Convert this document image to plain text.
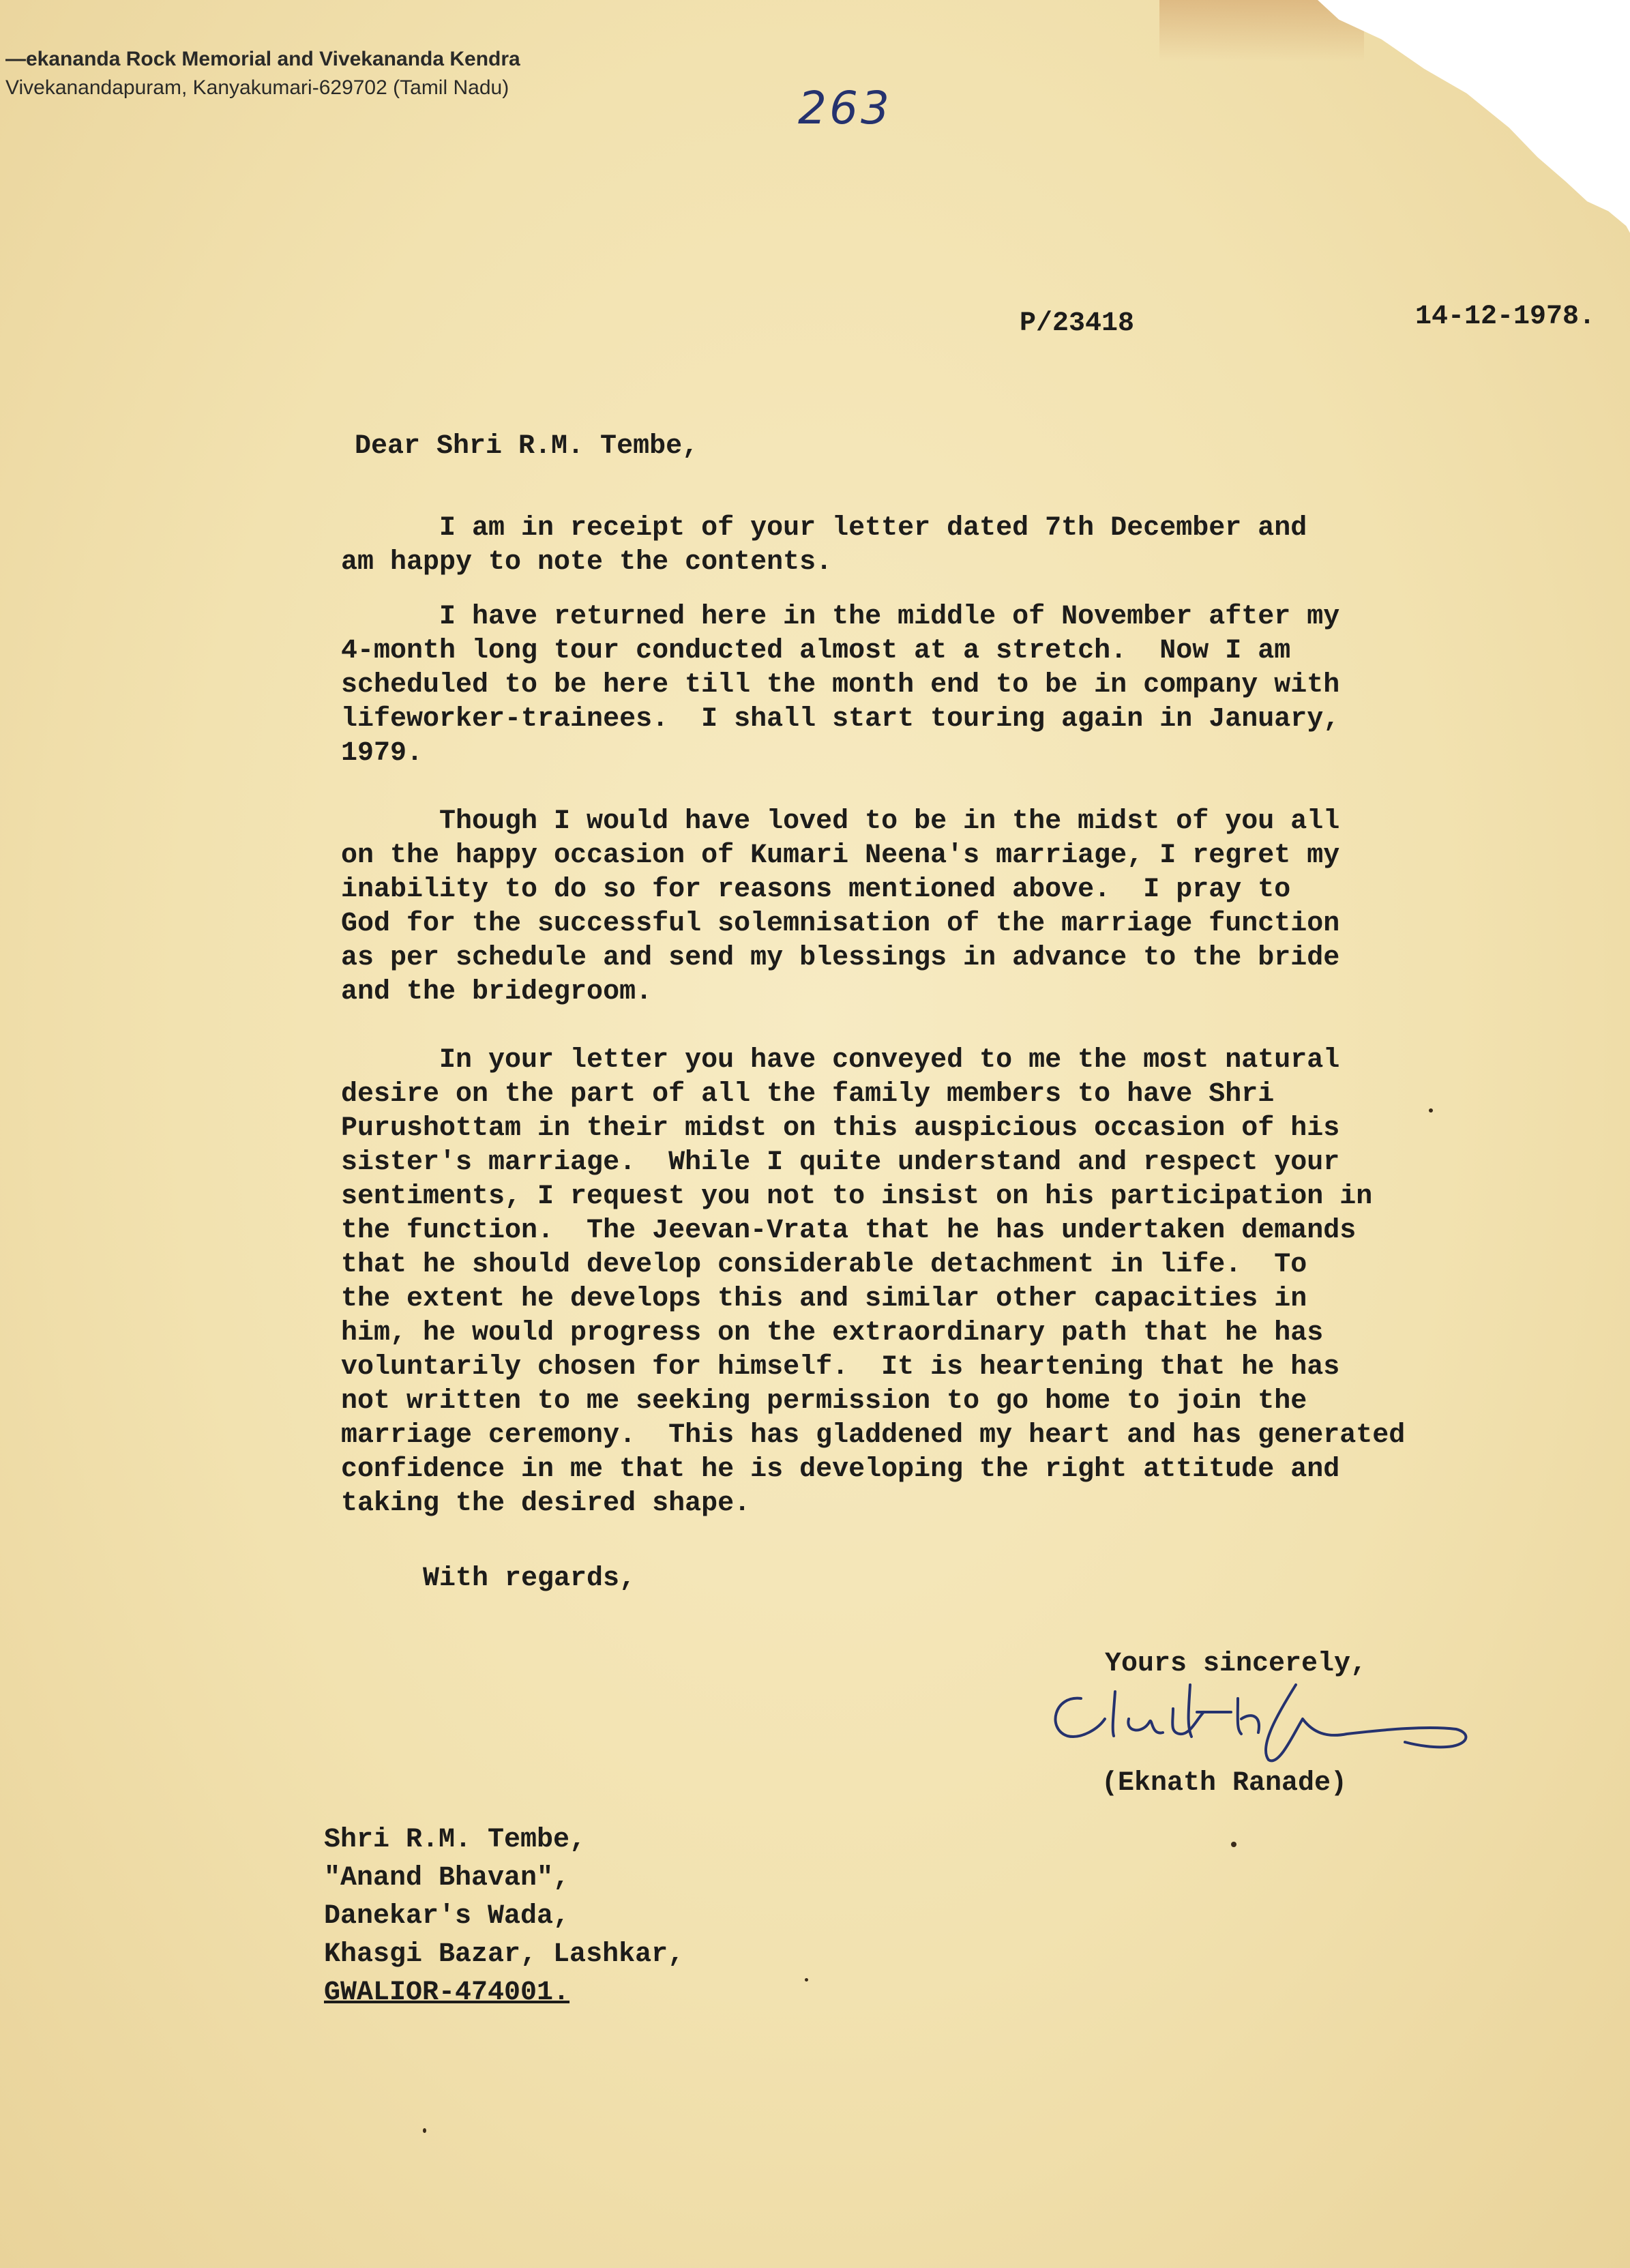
—ekananda Rock Memorial and Vivekananda Kendra
Vivekanandapuram, Kanyakumari-629702 (Tamil Nadu)	263
P/23418	14-12-1978.
Dear Shri R.M. Tembe,
I am in receipt of your letter dated 7th December and
am happy to note the contents.
I have returned here in the middle of November after my
4-month long tour conducted almost at a stretch.  Now I am
scheduled to be here till the month end to be in company with
lifeworker-trainees.  I shall start touring again in January,
1979.
Though I would have loved to be in the midst of you all
on the happy occasion of Kumari Neena's marriage, I regret my
inability to do so for reasons mentioned above.  I pray to
God for the successful solemnisation of the marriage function
as per schedule and send my blessings in advance to the bride
and the bridegroom.
In your letter you have conveyed to me the most natural
desire on the part of all the family members to have Shri
Purushottam in their midst on this auspicious occasion of his
sister's marriage.  While I quite understand and respect your
sentiments, I request you not to insist on his participation in
the function.  The Jeevan-Vrata that he has undertaken demands
that he should develop considerable detachment in life.  To
the extent he develops this and similar other capacities in
him, he would progress on the extraordinary path that he has
voluntarily chosen for himself.  It is heartening that he has
not written to me seeking permission to go home to join the
marriage ceremony.  This has gladdened my heart and has generated
confidence in me that he is developing the right attitude and
taking the desired shape.
With regards,
Yours sincerely,
(Eknath Ranade)
Shri R.M. Tembe,
"Anand Bhavan",
Danekar's Wada,
Khasgi Bazar, Lashkar,
GWALIOR-474001.
